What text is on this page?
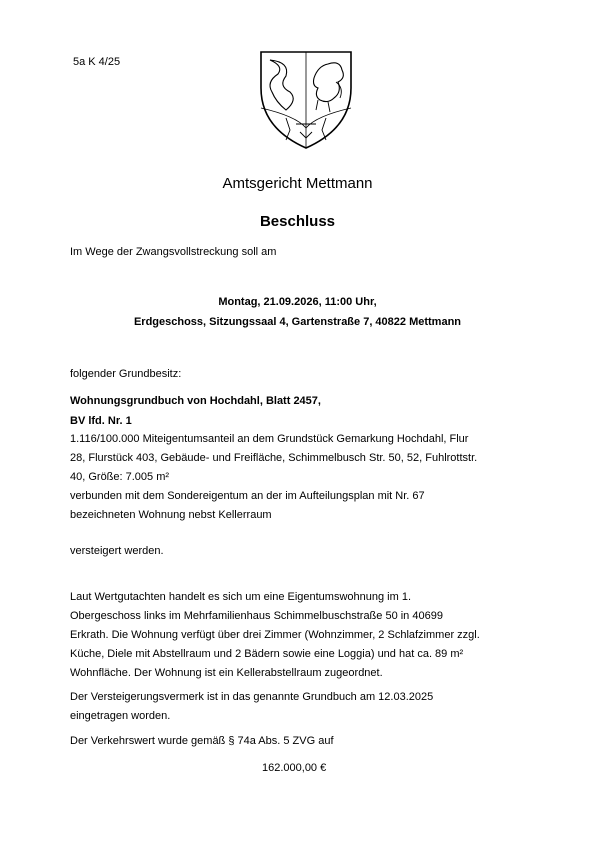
5a K 4/25
Amtsgericht Mettmann
Beschluss
Im Wege der Zwangsvollstreckung soll am
Montag, 21.09.2026, 11:00 Uhr,
Erdgeschoss, Sitzungssaal 4, Gartenstraße 7, 40822 Mettmann
folgender Grundbesitz:
Wohnungsgrundbuch von Hochdahl, Blatt 2457,
BV lfd. Nr. 1
1.116/100.000 Miteigentumsanteil an dem Grundstück Gemarkung Hochdahl, Flur
28, Flurstück 403, Gebäude- und Freifläche, Schimmelbusch Str. 50, 52, Fuhlrottstr.
40, Größe: 7.005 m²
verbunden mit dem Sondereigentum an der im Aufteilungsplan mit Nr. 67
bezeichneten Wohnung nebst Kellerraum
versteigert werden.
Laut Wertgutachten handelt es sich um eine Eigentumswohnung im 1.
Obergeschoss links im Mehrfamilienhaus Schimmelbuschstraße 50 in 40699
Erkrath. Die Wohnung verfügt über drei Zimmer (Wohnzimmer, 2 Schlafzimmer zzgl.
Küche, Diele mit Abstellraum und 2 Bädern sowie eine Loggia) und hat ca. 89 m²
Wohnfläche. Der Wohnung ist ein Kellerabstellraum zugeordnet.
Der Versteigerungsvermerk ist in das genannte Grundbuch am 12.03.2025
eingetragen worden.
Der Verkehrswert wurde gemäß § 74a Abs. 5 ZVG auf
162.000,00 €
